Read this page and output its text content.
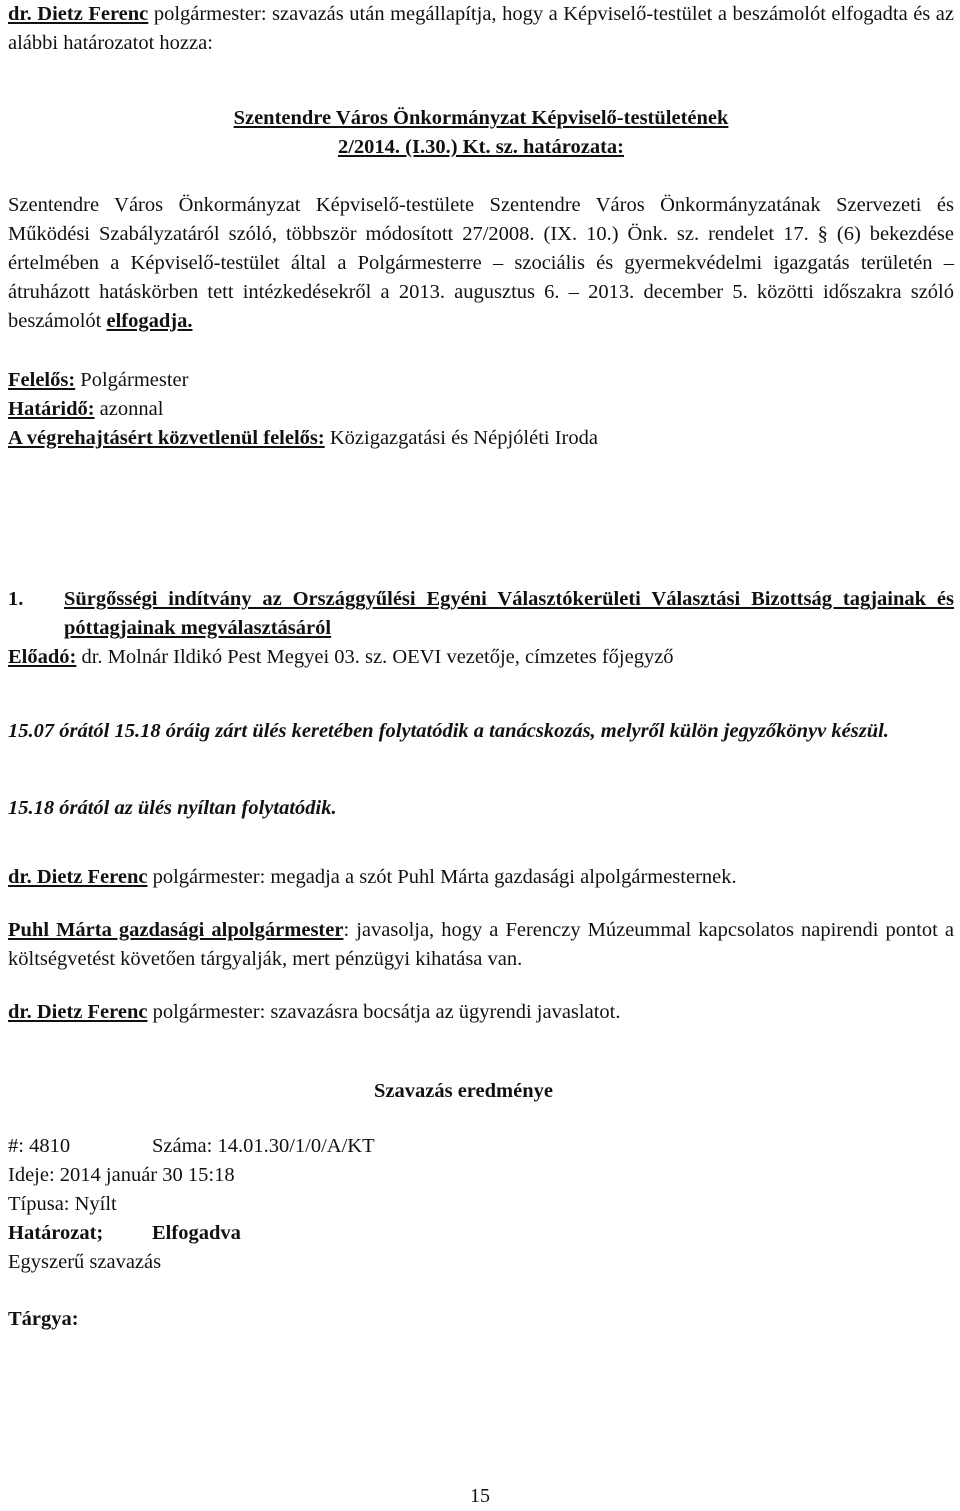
dr. Dietz Ferenc polgármester: szavazás után megállapítja, hogy a Képviselő-testület a beszámolót elfogadta és az alábbi határozatot hozza:

Szentendre Város Önkormányzat Képviselő-testületének

2/2014. (I.30.) Kt. sz. határozata:

Szentendre Város Önkormányzat Képviselő-testülete Szentendre Város Önkormányzatának Szervezeti és Működési Szabályzatáról szóló, többször módosított 27/2008. (IX. 10.) Önk. sz. rendelet 17. § (6) bekezdése értelmében a Képviselő-testület által a Polgármesterre – szociális és gyermekvédelmi igazgatás területén – átruházott hatáskörben tett intézkedésekről a 2013. augusztus 6. – 2013. december 5. közötti időszakra szóló beszámolót elfogadja.

Felelős: Polgármester

Határidő: azonnal

A végrehajtásért közvetlenül felelős: Közigazgatási és Népjóléti Iroda

1.	Sürgősségi indítvány az Országgyűlési Egyéni Választókerületi Választási Bizottság tagjainak és póttagjainak megválasztásáról

Előadó: dr. Molnár Ildikó Pest Megyei 03. sz. OEVI vezetője, címzetes főjegyző

15.07 órától 15.18 óráig zárt ülés keretében folytatódik a tanácskozás, melyről külön jegyzőkönyv készül.

15.18 órától az ülés nyíltan folytatódik.

dr. Dietz Ferenc polgármester: megadja a szót Puhl Márta gazdasági alpolgármesternek.

Puhl Márta gazdasági alpolgármester: javasolja, hogy a Ferenczy Múzeummal kapcsolatos napirendi pontot a költségvetést követően tárgyalják, mert pénzügyi kihatása van.

dr. Dietz Ferenc polgármester: szavazásra bocsátja az ügyrendi javaslatot.

Szavazás eredménye

#: 4810	Száma: 14.01.30/1/0/A/KT

Ideje: 2014 január 30 15:18

Típusa: Nyílt

Határozat; Elfogadva

Egyszerű szavazás

Tárgya:

15
